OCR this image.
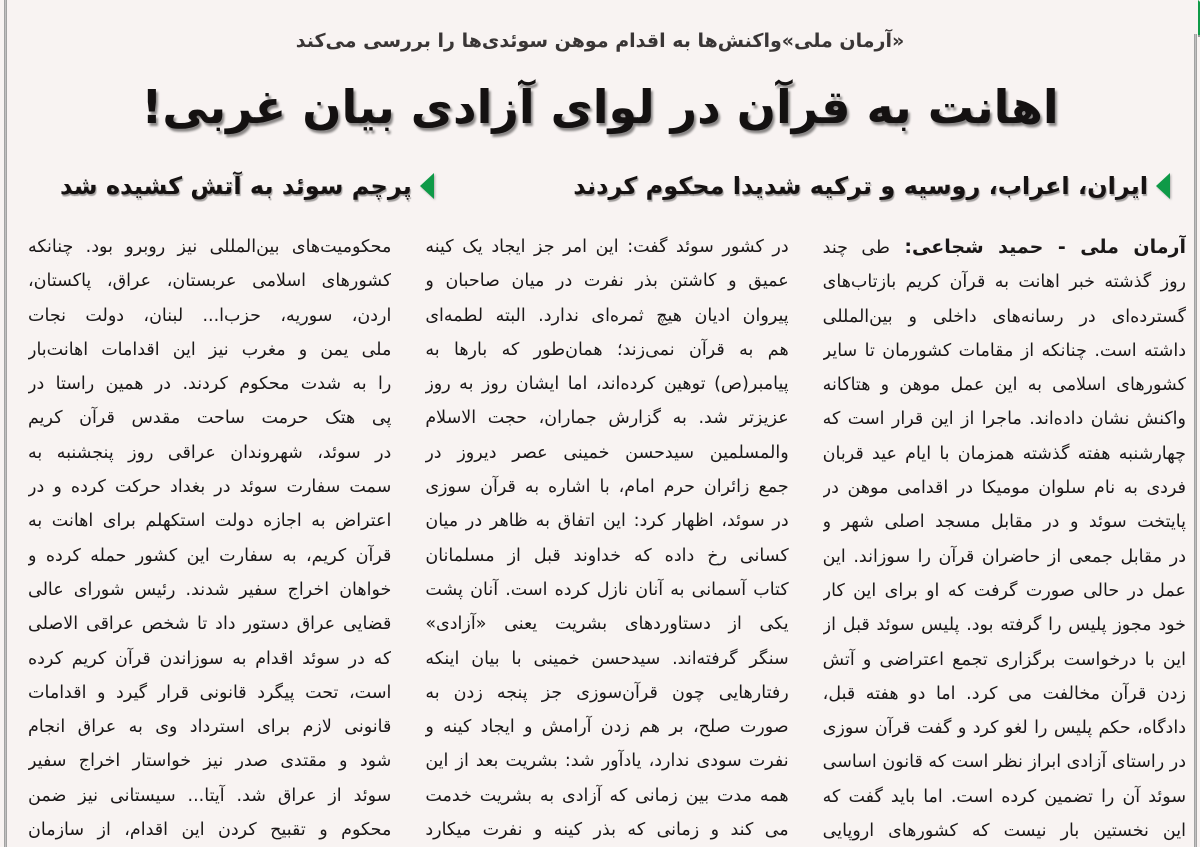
«آرمان ملی»واکنش‌ها به اقدام موهن سوئدی‌ها را بررسی می‌کند
اهانت به قرآن در لوای آزادی بیان غربی!
ایران، اعراب، روسیه و ترکیه شدیدا محکوم کردند
پرچم سوئد به آتش کشیده شد
آرمان ملی - حمید شجاعی: طی چند
روز گذشته خبر اهانت به قرآن کریم بازتاب‌های
گسترده‌ای در رسانه‌های داخلی و بین‌المللی
داشته است. چنانکه از مقامات کشورمان تا سایر
کشورهای اسلامی به این عمل موهن و هتاکانه
واکنش نشان داده‌اند. ماجرا از این قرار است که
چهارشنبه هفته گذشته همزمان با ایام عید قربان
فردی به نام سلوان مومیکا در اقدامی موهن در
پایتخت سوئد و در مقابل مسجد اصلی شهر و
در مقابل جمعی از حاضران قرآن را سوزاند. این
عمل در حالی صورت گرفت که او برای این کار
خود مجوز پلیس را گرفته بود. پلیس سوئد قبل از
این با درخواست برگزاری تجمع اعتراضی و آتش
زدن قرآن مخالفت می کرد. اما دو هفته قبل،
دادگاه، حکم پلیس را لغو کرد و گفت قرآن سوزی
در راستای آزادی ابراز نظر است که قانون اساسی
سوئد آن را تضمین کرده است. اما باید گفت که
این نخستین بار نیست که کشورهای اروپایی
در کشور سوئد گفت: این امر جز ایجاد یک کینه
عمیق و کاشتن بذر نفرت در میان صاحبان و
پیروان ادیان هیچ ثمره‌ای ندارد. البته لطمه‌ای
هم به قرآن نمی‌زند؛ همان‌طور که بارها به
پیامبر(ص) توهین کرده‌اند، اما ایشان روز به روز
عزیزتر شد. به گزارش جماران، حجت الاسلام
والمسلمین سیدحسن خمینی عصر دیروز در
جمع زائران حرم امام، با اشاره به قرآن سوزی
در سوئد، اظهار کرد: این اتفاق به ظاهر در میان
کسانی رخ داده که خداوند قبل از مسلمانان
کتاب آسمانی به آنان نازل کرده است. آنان پشت
یکی از دستاوردهای بشریت یعنی «آزادی»
سنگر گرفته‌اند. سیدحسن خمینی با بیان اینکه
رفتارهایی چون قرآن‌سوزی جز پنجه زدن به
صورت صلح، بر هم زدن آرامش و ایجاد کینه و
نفرت سودی ندارد، یادآور شد: بشریت بعد از این
همه مدت بین زمانی که آزادی به بشریت خدمت
می کند و زمانی که بذر کینه و نفرت میکارد
محکومیت‌های بین‌المللی نیز روبرو بود. چنانکه
کشورهای اسلامی عربستان، عراق، پاکستان،
اردن، سوریه، حزب‌ا... لبنان، دولت نجات
ملی یمن و مغرب نیز این اقدامات اهانت‌بار
را به شدت محکوم کردند. در همین راستا در
پی هتک حرمت ساحت مقدس قرآن کریم
در سوئد، شهروندان عراقی روز پنجشنبه به
سمت سفارت سوئد در بغداد حرکت کرده و در
اعتراض به اجازه دولت استکهلم برای اهانت به
قرآن کریم، به سفارت این کشور حمله کرده و
خواهان اخراج سفیر شدند. رئیس شورای عالی
قضایی عراق دستور داد تا شخص عراقی الاصلی
که در سوئد اقدام به سوزاندن قرآن کریم کرده
است، تحت پیگرد قانونی قرار گیرد و اقدامات
قانونی لازم برای استرداد وی به عراق انجام
شود و مقتدی صدر نیز خواستار اخراج سفیر
سوئد از عراق شد. آیتا... سیستانی نیز ضمن
محکوم و تقبیح کردن این اقدام، از سازمان
